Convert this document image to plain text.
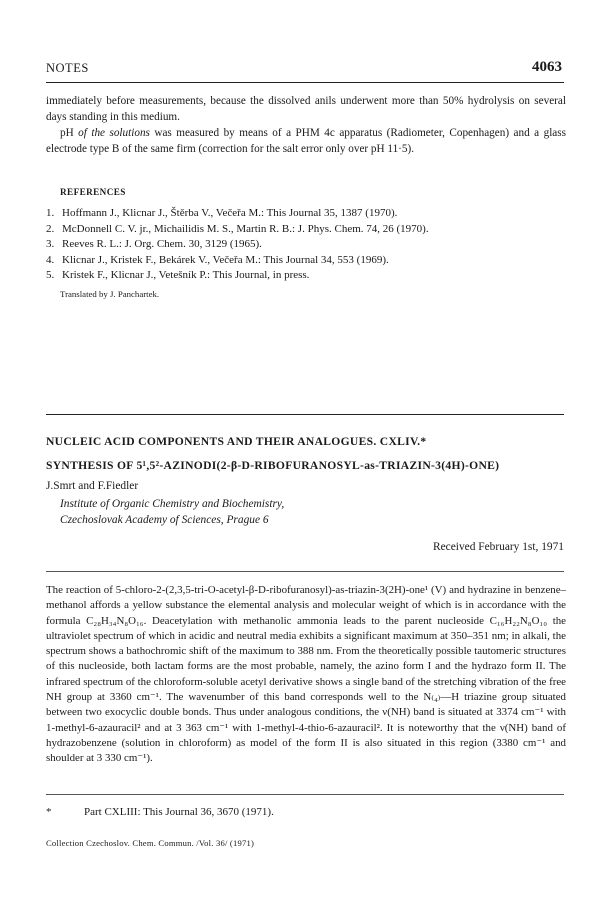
NOTES	4063

immediately before measurements, because the dissolved anils underwent more than 50% hydrolysis on several days standing in this medium.

pH of the solutions was measured by means of a PHM 4c apparatus (Radiometer, Copenhagen) and a glass electrode type B of the same firm (correction for the salt error only over pH 11·5).

REFERENCES
1. Hoffmann J., Klicnar J., Štěrba V., Večeřa M.: This Journal 35, 1387 (1970).
2. McDonnell C. V. jr., Michailidis M. S., Martin R. B.: J. Phys. Chem. 74, 26 (1970).
3. Reeves R. L.: J. Org. Chem. 30, 3129 (1965).
4. Klicnar J., Kristek F., Bekárek V., Večeřa M.: This Journal 34, 553 (1969).
5. Kristek F., Klicnar J., Vetešník P.: This Journal, in press.
Translated by J. Panchartek.
NUCLEIC ACID COMPONENTS AND THEIR ANALOGUES. CXLIV.*
SYNTHESIS OF 5¹,5²-AZINODI(2-β-D-RIBOFURANOSYL-as-TRIAZIN-3(4H)-ONE)
J.Smrt and F.Fiedler
Institute of Organic Chemistry and Biochemistry,
Czechoslovak Academy of Sciences, Prague 6
Received February 1st, 1971

The reaction of 5-chloro-2-(2,3,5-tri-O-acetyl-β-D-ribofuranosyl)-as-triazin-3(2H)-one¹ (V) and hydrazine in benzene–methanol affords a yellow substance the elemental analysis and molecular weight of which is in accordance with the formula C₂₈H₃₄N₈O₁₆. Deacetylation with methanolic ammonia leads to the parent nucleoside C₁₆H₂₂N₈O₁₀ the ultraviolet spectrum of which in acidic and neutral media exhibits a significant maximum at 350–351 nm; in alkali, the spectrum shows a bathochromic shift of the maximum to 388 nm. From the theoretically possible tautomeric structures of this nucleoside, both lactam forms are the most probable, namely, the azino form I and the hydrazo form II. The infrared spectrum of the chloroform-soluble acetyl derivative shows a single band of the stretching vibration of the free NH group at 3360 cm⁻¹. The wavenumber of this band corresponds well to the N₍₄₎—H triazine group situated between two exocyclic double bonds. Thus under analogous conditions, the ν(NH) band is situated at 3374 cm⁻¹ with 1-methyl-6-azauracil² and at 3 363 cm⁻¹ with 1-methyl-4-thio-6-azauracil². It is noteworthy that the ν(NH) band of hydrazobenzene (solution in chloroform) as model of the form II is also situated in this region (3380 cm⁻¹ and shoulder at 3 330 cm⁻¹).

*	Part CXLIII: This Journal 36, 3670 (1971).
Collection Czechoslov. Chem. Commun. /Vol. 36/ (1971)
